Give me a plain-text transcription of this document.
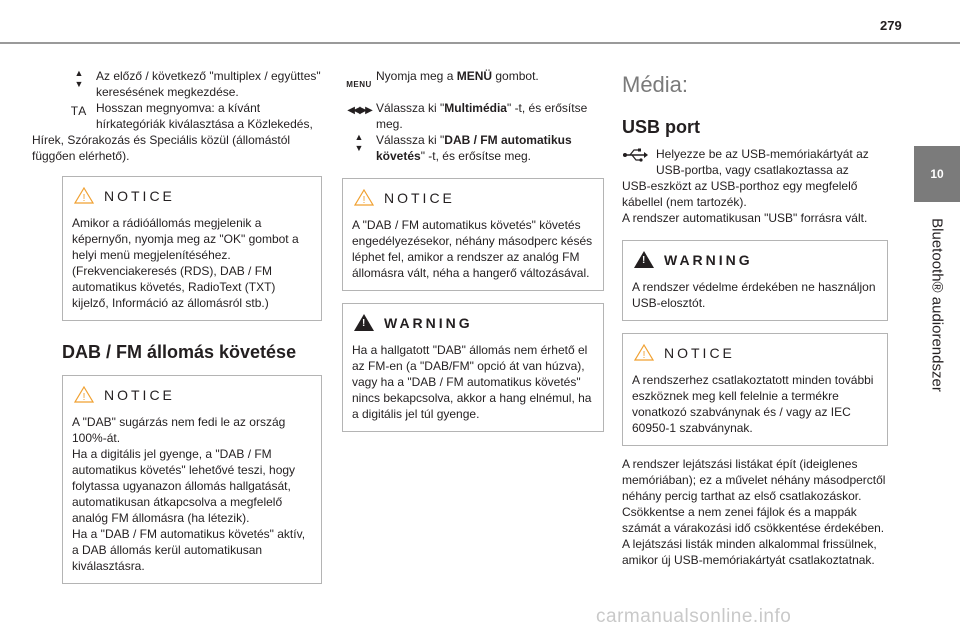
279
10
Bluetooth® audiorendszer
▲
▼

Az előző / következő "multiplex / együttes" keresésének megkezdése.

TA Hosszan megnyomva: a kívánt hírkategóriák kiválasztása a Közlekedés,

Hírek, Szórakozás és Speciális közül (állomástól függően elérhető).

! NOTICE

Amikor a rádióállomás megjelenik a képernyőn, nyomja meg az "OK" gombot a helyi menü megjelenítéséhez.
(Frekvenciakeresés (RDS), DAB / FM automatikus követés, RadioText (TXT) kijelző, Információ az állomásról stb.)

DAB / FM állomás követése
! NOTICE

A "DAB" sugárzás nem fedi le az ország 100%-át.
Ha a digitális jel gyenge, a "DAB / FM automatikus követés" lehetővé teszi, hogy folytassa ugyanazon állomás hallgatását, automatikusan átkapcsolva a megfelelő analóg FM állomásra (ha létezik).
Ha a "DAB / FM automatikus követés" aktív, a DAB állomás kerül automatikusan kiválasztásra.

MENU

Nyomja meg a MENÜ gombot.

◀◀ ▶▶ Válassza ki "Multimédia" -t, és erősítse meg.

▲
▼

Válassza ki "DAB / FM automatikus követés" -t, és erősítse meg.

! NOTICE

A "DAB / FM automatikus követés" követés engedélyezésekor, néhány másodperc késés léphet fel, amikor a rendszer az analóg FM állomásra vált, néha a hangerő változásával.

! WARNING

Ha a hallgatott "DAB" állomás nem érhető el az FM-en (a "DAB/FM" opció át van húzva), vagy ha a "DAB / FM automatikus követés" nincs bekapcsolva, akkor a hang elnémul, ha a digitális jel túl gyenge.

Média:
USB port

Helyezze be az USB-memóriakártyát az USB-portba, vagy csatlakoztassa az

USB-eszközt az USB-porthoz egy megfelelő kábellel (nem tartozék).
A rendszer automatikusan "USB" forrásra vált.

! WARNING

A rendszer védelme érdekében ne használjon USB-elosztót.

! NOTICE

A rendszerhez csatlakoztatott minden további eszköznek meg kell felelnie a termékre vonatkozó szabványnak és / vagy az IEC 60950-1 szabványnak.

A rendszer lejátszási listákat épít (ideiglenes memóriában); ez a művelet néhány másodperctől néhány percig tarthat az első csatlakozáskor.
Csökkentse a nem zenei fájlok és a mappák számát a várakozási idő csökkentése érdekében. A lejátszási listák minden alkalommal frissülnek, amikor új USB-memóriakártyát csatlakoztatnak.

carmanualsonline.info
